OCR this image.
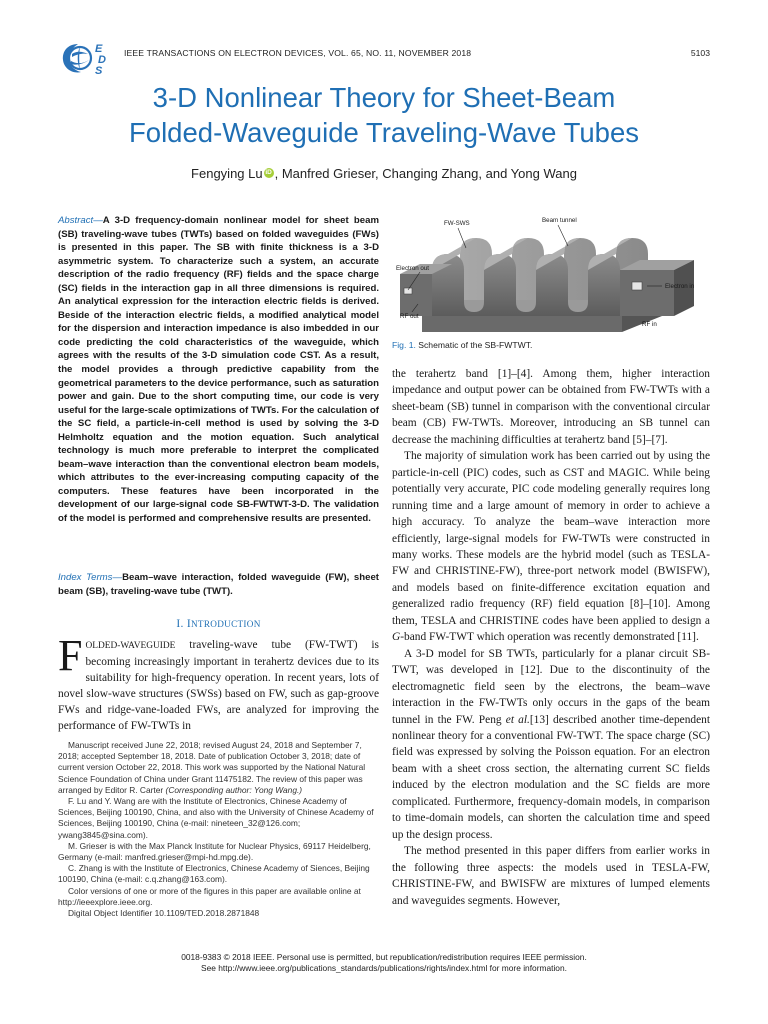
E
D
S
IEEE TRANSACTIONS ON ELECTRON DEVICES, VOL. 65, NO. 11, NOVEMBER 2018	5103
3-D Nonlinear Theory for Sheet-Beam
Folded-Waveguide Traveling-Wave Tubes
Fengying Lu iD , Manfred Grieser, Changing Zhang, and Yong Wang
Abstract—A 3-D frequency-domain nonlinear model for sheet beam (SB) traveling-wave tubes (TWTs) based on folded waveguides (FWs) is presented in this paper. The SB with finite thickness is a 3-D asymmetric system. To characterize such a system, an accurate description of the radio frequency (RF) fields and the space charge (SC) fields in the interaction gap in all three dimensions is required. An analytical expression for the interaction electric fields is derived. Beside of the interaction electric fields, a modified analytical model for the dispersion and interaction impedance is also imbedded in our code predicting the cold characteristics of the waveguide, which agrees with the results of the 3-D simulation code CST. As a result, the model provides a through predictive capability from the geometrical parameters to the device performance, such as saturation power and gain. Due to the short computing time, our code is very useful for the large-scale optimizations of TWTs. For the calculation of the SC field, a particle-in-cell method is used by solving the 3-D Helmholtz equation and the motion equation. Such analytical technology is much more preferable to interpret the complicated beam–wave interaction than the conventional electron beam models, which attributes to the ever-increasing computing capacity of the computers. These features have been incorporated in the development of our large-signal code SB-FWTWT-3-D. The validation of the model is performed and comprehensive results are presented.
Index Terms—Beam–wave interaction, folded waveguide (FW), sheet beam (SB), traveling-wave tube (TWT).
I. INTRODUCTION
FOLDED-WAVEGUIDE traveling-wave tube (FW-TWT) is becoming increasingly important in terahertz devices due to its suitability for high-frequency operation. In recent years, lots of novel slow-wave structures (SWSs) based on FW, such as gap-groove FWs and ridge-vane-loaded FWs, are analyzed for improving the performance of FW-TWTs in

Manuscript received June 22, 2018; revised August 24, 2018 and September 7, 2018; accepted September 18, 2018. Date of publication October 3, 2018; date of current version October 22, 2018. This work was supported by the National Natural Science Foundation of China under Grant 11475182. The review of this paper was arranged by Editor R. Carter (Corresponding author: Yong Wang.)

F. Lu and Y. Wang are with the Institute of Electronics, Chinese Academy of Sciences, Beijing 100190, China, and also with the University of Chinese Academy of Sciences, Beijing 100190, China (e-mail: nineteen_32@126.com; ywang3845@sina.com).

M. Grieser is with the Max Planck Institute for Nuclear Physics, 69117 Heidelberg, Germany (e-mail: manfred.grieser@mpi-hd.mpg.de).

C. Zhang is with the Institute of Electronics, Chinese Academy of Siences, Beijing 100190, China (e-mail: c.q.zhang@163.com).

Color versions of one or more of the figures in this paper are available online at http://ieeexplore.ieee.org.

Digital Object Identifier 10.1109/TED.2018.2871848

FW-SWS	Beam tunnel
Electron out
Electron in
RF out
RF in
Fig. 1. Schematic of the SB-FWTWT.

the terahertz band [1]–[4]. Among them, higher interaction impedance and output power can be obtained from FW-TWTs with a sheet-beam (SB) tunnel in comparison with the conventional circular beam (CB) FW-TWTs. Moreover, introducing an SB tunnel can decrease the machining difficulties at terahertz band [5]–[7].

The majority of simulation work has been carried out by using the particle-in-cell (PIC) codes, such as CST and MAGIC. While being potentially very accurate, PIC code modeling generally requires long running time and a large amount of memory in order to achieve a high accuracy. To analyze the beam–wave interaction more efficiently, large-signal models for FW-TWTs were constructed in many works. These models are the hybrid model (such as TESLA-FW and CHRISTINE-FW), three-port network model (BWISFW), and models based on finite-difference excitation equation and generalized radio frequency (RF) field equation [8]–[10]. Among them, TESLA and CHRISTINE codes have been applied to design a G-band FW-TWT which operation was recently demonstrated [11].

A 3-D model for SB TWTs, particularly for a planar circuit SB-TWT, was developed in [12]. Due to the discontinuity of the electromagnetic field seen by the electrons, the beam–wave interaction in the FW-TWTs only occurs in the gaps of the beam tunnel in the FW. Peng et al.[13] described another time-dependent nonlinear theory for a conventional FW-TWT. The space charge (SC) field was expressed by solving the Poisson equation. For an electron beam with a sheet cross section, the alternating current SC fields induced by the electron modulation and the SC fields are more complicated. Furthermore, frequency-domain models, in comparison to time-domain models, can shorten the calculation time and speed up the design process.

The method presented in this paper differs from earlier works in the following three aspects: the models used in TESLA-FW, CHRISTINE-FW, and BWISFW are mixtures of lumped elements and waveguides segments. However,

0018-9383 © 2018 IEEE. Personal use is permitted, but republication/redistribution requires IEEE permission.
See http://www.ieee.org/publications_standards/publications/rights/index.html for more information.
